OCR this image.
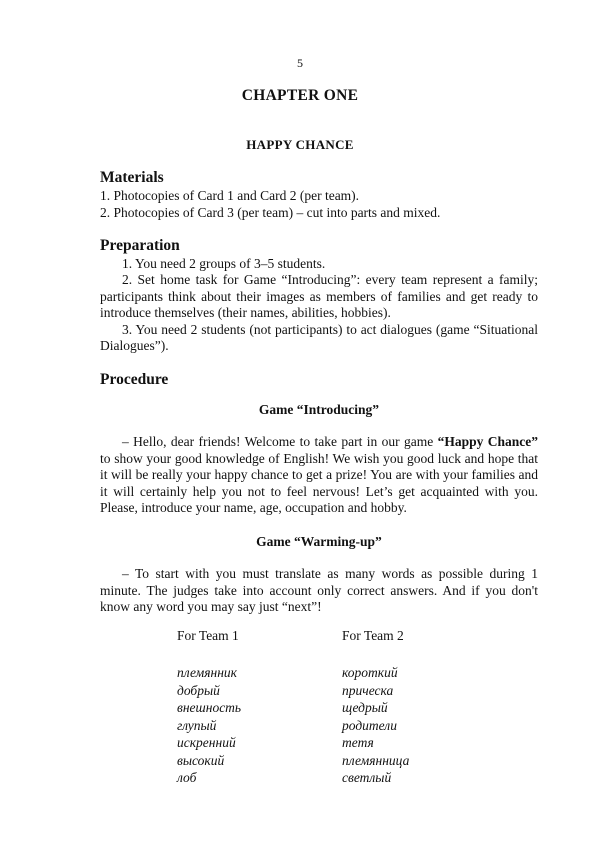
5
CHAPTER ONE
HAPPY CHANCE

Materials

1. Photocopies of Card 1 and Card 2 (per team).

2. Photocopies of Card 3 (per team) – cut into parts and mixed.

Preparation

1. You need 2 groups of 3–5 students.

2. Set home task for Game “Introducing”: every team represent a family; participants think about their images as members of families and get ready to introduce themselves (their names, abilities, hobbies).

3. You need 2 students (not participants) to act dialogues (game “Situational Dialogues”).

Procedure

Game “Introducing”

– Hello, dear friends! Welcome to take part in our game “Happy Chance” to show your good knowledge of English! We wish you good luck and hope that it will be really your happy chance to get a prize! You are with your families and it will certainly help you not to feel nervous! Let’s get acquainted with you. Please, introduce your name, age, occupation and hobby.

Game “Warming-up”

– To start with you must translate as many words as possible during 1 minute. The judges take into account only correct answers. And if you don't know any word you may say just “next”!

For Team 1	For Team 2
племянник
добрый
внешность
глупый
искренний
высокий
лоб
короткий
прическа
щедрый
родители
тетя
племянница
светлый
